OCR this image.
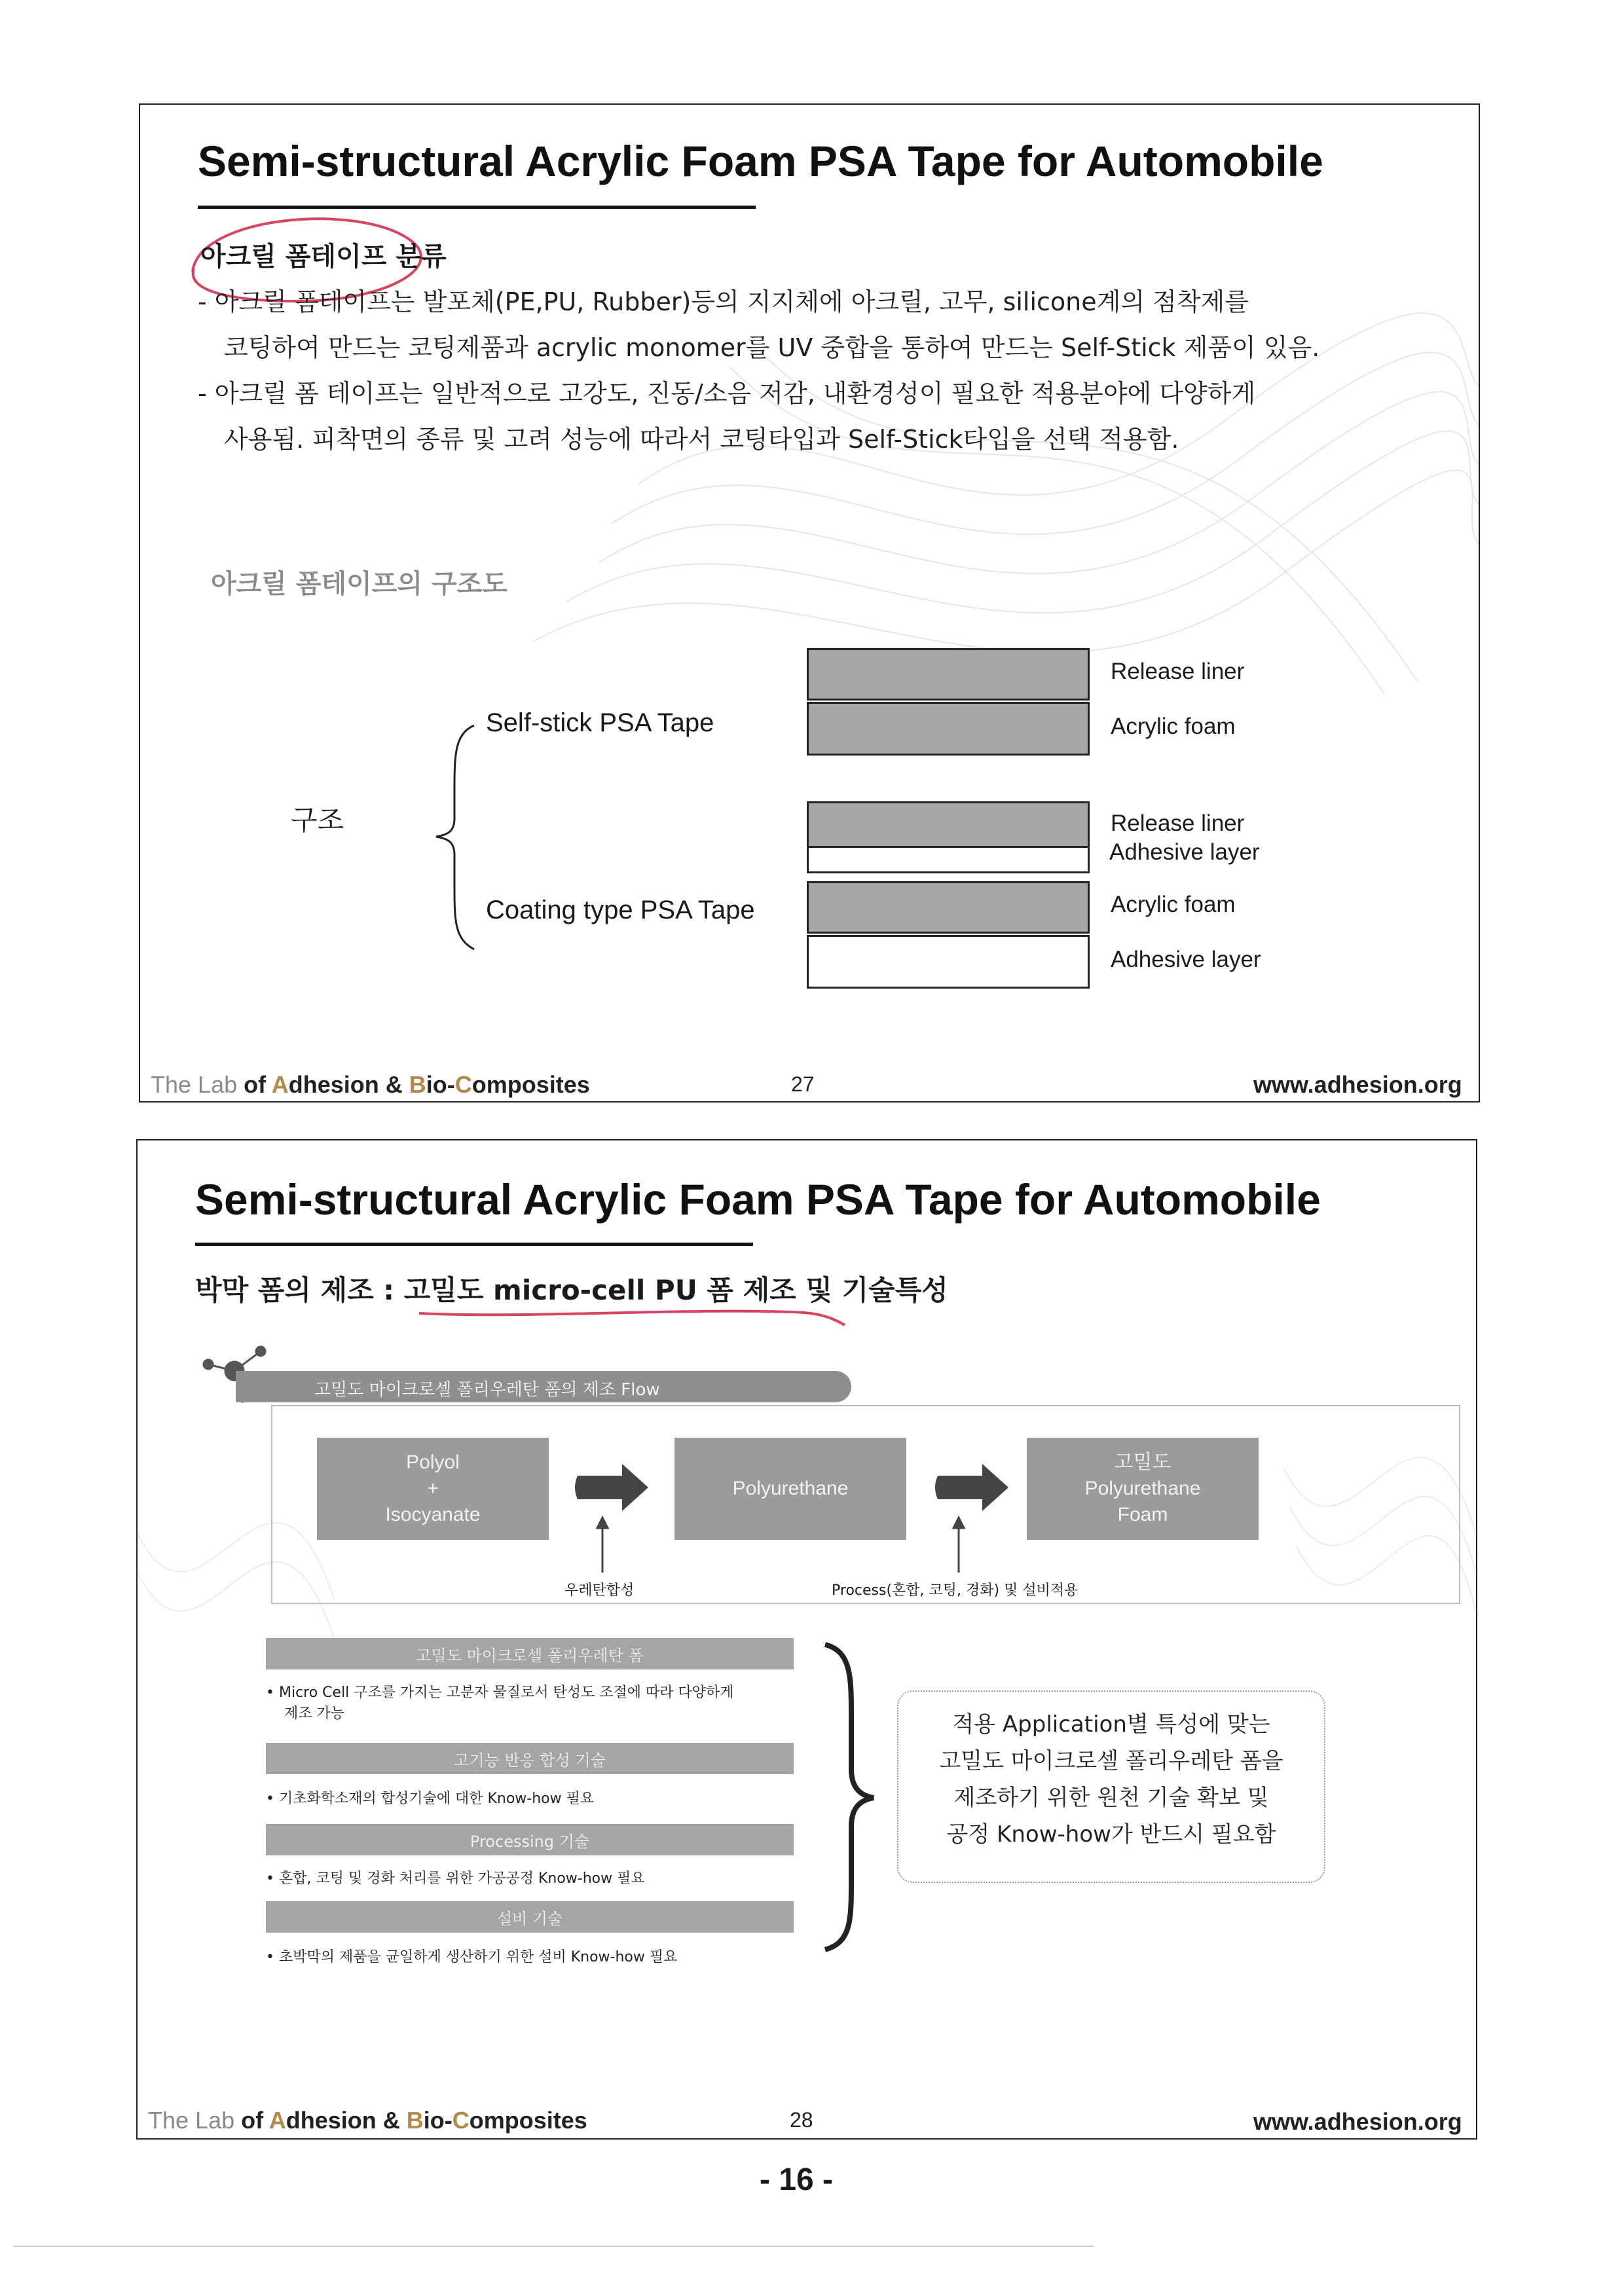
Semi-structural Acrylic Foam PSA Tape for Automobile
아크릴 폼테이프 분류
- 아크릴 폼테이프는 발포체(PE,PU, Rubber)등의 지지체에 아크릴, 고무, silicone계의 점착제를
코팅하여 만드는 코팅제품과 acrylic monomer를 UV 중합을 통하여 만드는 Self-Stick 제품이 있음.
- 아크릴 폼 테이프는 일반적으로 고강도, 진동/소음 저감, 내환경성이 필요한 적용분야에 다양하게
사용됨. 피착면의 종류 및 고려 성능에 따라서 코팅타입과 Self-Stick타입을 선택 적용함.
아크릴 폼테이프의 구조도
구조
Self-stick PSA Tape
Coating type PSA Tape
Release liner
Acrylic foam
Release liner
Adhesive layer
Acrylic foam
Adhesive layer
The Lab of Adhesion & Bio-Composites	27	www.adhesion.org
Semi-structural Acrylic Foam PSA Tape for Automobile
박막 폼의 제조 : 고밀도 micro-cell PU 폼 제조 및 기술특성
고밀도 마이크로셀 폴리우레탄 폼의 제조 Flow
Polyol
+
Isocyanate
Polyurethane
고밀도
Polyurethane
Foam
우레탄합성	Process(혼합, 코팅, 경화) 및 설비적용
고밀도 마이크로셀 폴리우레탄 폼
• Micro Cell 구조를 가지는 고분자 물질로서 탄성도 조절에 따라 다양하게
제조 가능
고기능 반응 합성 기술
• 기초화학소재의 합성기술에 대한 Know-how 필요
Processing 기술
• 혼합, 코팅 및 경화 처리를 위한 가공공정 Know-how 필요
설비 기술
• 초박막의 제품을 균일하게 생산하기 위한 설비 Know-how 필요
적용 Application별 특성에 맞는
고밀도 마이크로셀 폴리우레탄 폼을
제조하기 위한 원천 기술 확보 및
공정 Know-how가 반드시 필요함
The Lab of Adhesion & Bio-Composites	28	www.adhesion.org
- 16 -
